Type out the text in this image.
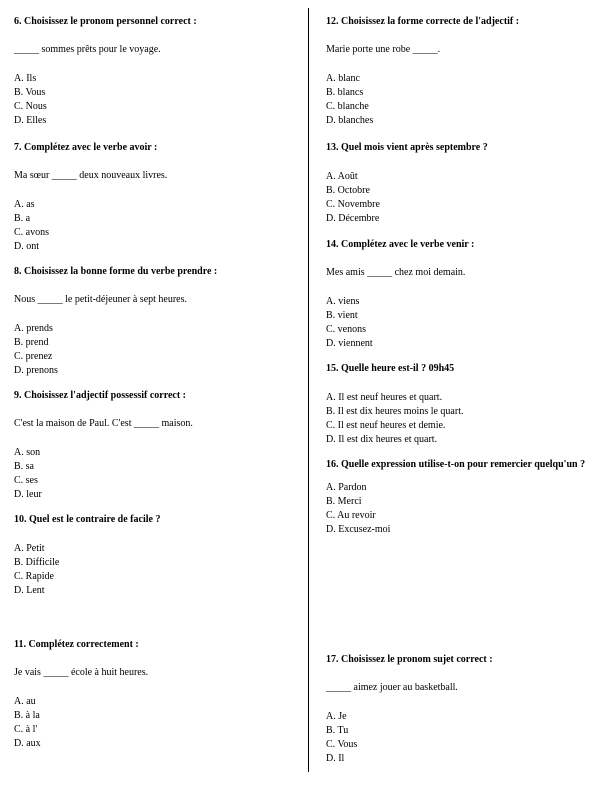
6. Choisissez le pronom personnel correct :

_____ sommes prêts pour le voyage.

A. Ils
B. Vous
C. Nous
D. Elles

7. Complétez avec le verbe avoir :

Ma sœur _____ deux nouveaux livres.

A. as
B. a
C. avons
D. ont

8. Choisissez la bonne forme du verbe prendre :

Nous _____ le petit-déjeuner à sept heures.

A. prends
B. prend
C. prenez
D. prenons

9. Choisissez l'adjectif possessif correct :

C'est la maison de Paul. C'est _____ maison.

A. son
B. sa
C. ses
D. leur

10. Quel est le contraire de facile ?

A. Petit
B. Difficile
C. Rapide
D. Lent

11. Complétez correctement :

Je vais _____ école à huit heures.

A. au
B. à la
C. à l'
D. aux

12. Choisissez la forme correcte de l'adjectif :

Marie porte une robe _____.

A. blanc
B. blancs
C. blanche
D. blanches

13. Quel mois vient après septembre ?

A. Août
B. Octobre
C. Novembre
D. Décembre

14. Complétez avec le verbe venir :

Mes amis _____ chez moi demain.

A. viens
B. vient
C. venons
D. viennent

15. Quelle heure est-il ? 09h45

A. Il est neuf heures et quart.
B. Il est dix heures moins le quart.
C. Il est neuf heures et demie.
D. Il est dix heures et quart.

16. Quelle expression utilise-t-on pour remercier quelqu'un ?

A. Pardon
B. Merci
C. Au revoir
D. Excusez-moi

17. Choisissez le pronom sujet correct :

_____ aimez jouer au basketball.

A. Je
B. Tu
C. Vous
D. Il
